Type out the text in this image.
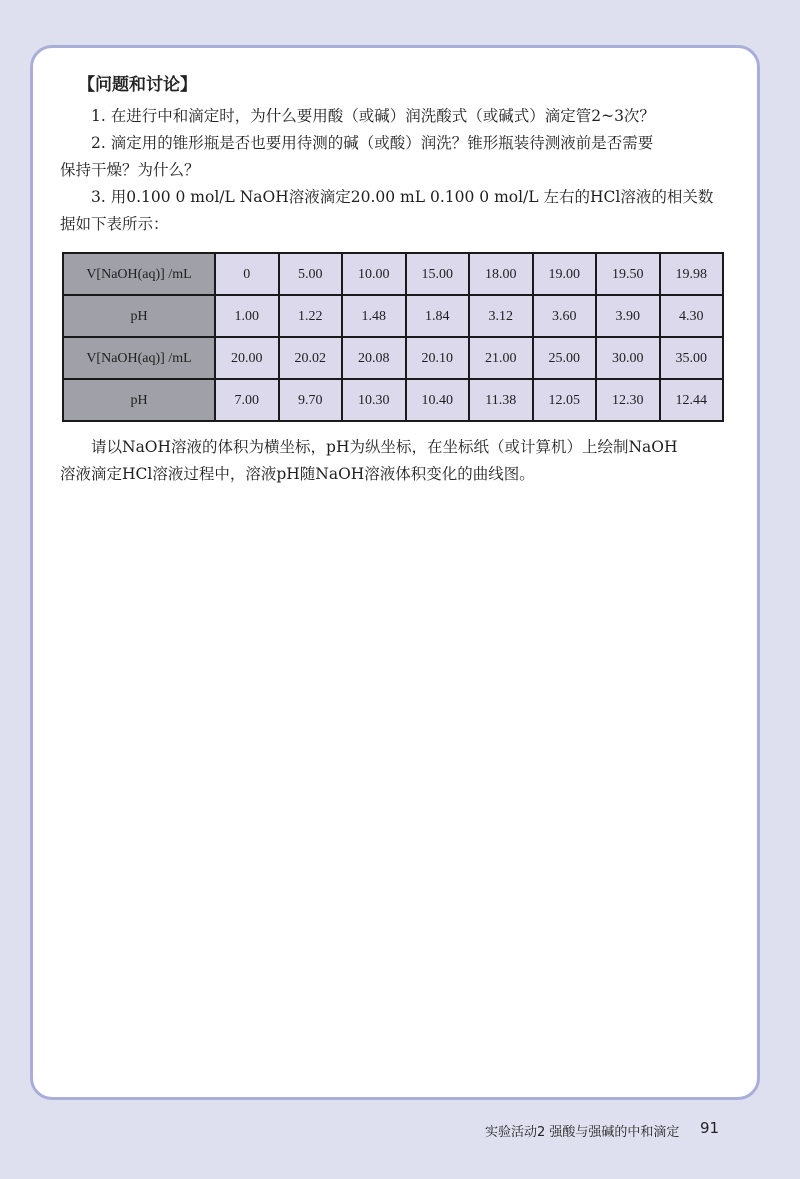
【问题和讨论】

1. 在进行中和滴定时，为什么要用酸（或碱）润洗酸式（或碱式）滴定管2~3次？

2. 滴定用的锥形瓶是否也要用待测的碱（或酸）润洗？锥形瓶装待测液前是否需要

保持干燥？为什么？

3. 用0.100 0 mol/L NaOH溶液滴定20.00 mL 0.100 0 mol/L 左右的HCl溶液的相关数

据如下表所示：

V[NaOH(aq)] /mL	0	5.00	10.00	15.00	18.00	19.00	19.50	19.98
pH	1.00	1.22	1.48	1.84	3.12	3.60	3.90	4.30
V[NaOH(aq)] /mL	20.00	20.02	20.08	20.10	21.00	25.00	30.00	35.00
pH	7.00	9.70	10.30	10.40	11.38	12.05	12.30	12.44

请以NaOH溶液的体积为横坐标，pH为纵坐标，在坐标纸（或计算机）上绘制NaOH

溶液滴定HCl溶液过程中，溶液pH随NaOH溶液体积变化的曲线图。

实验活动2 强酸与强碱的中和滴定 91
